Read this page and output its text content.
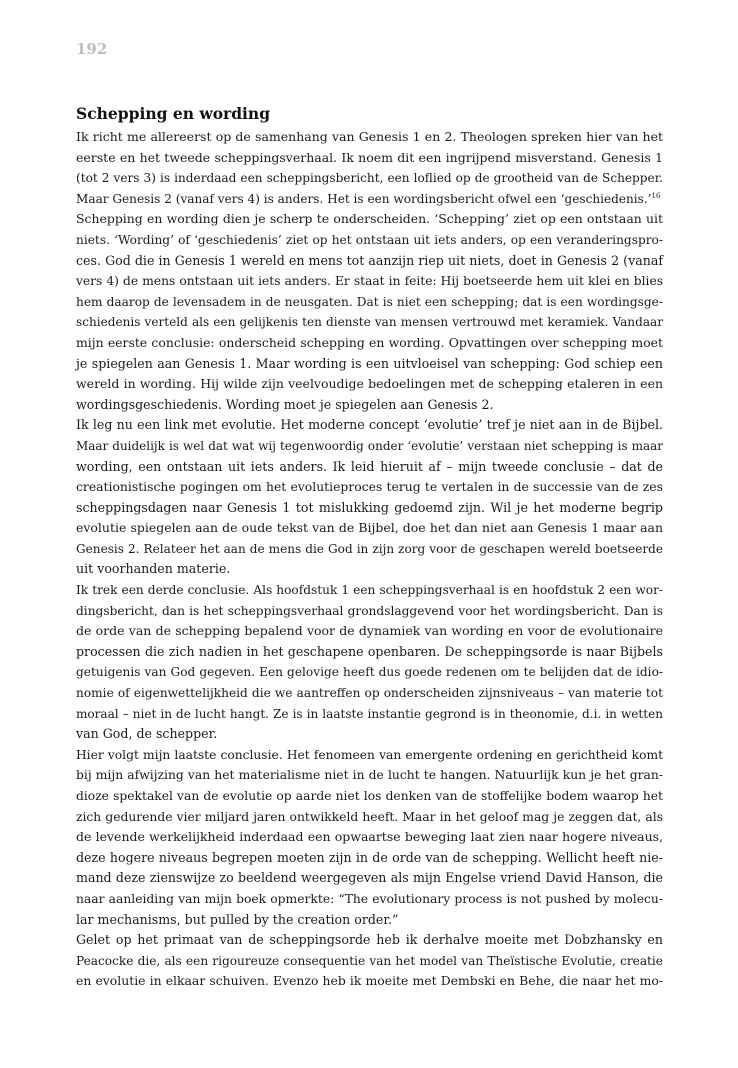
192
Schepping en wording
Ik richt me allereerst op de samenhang van Genesis 1 en 2. Theologen spreken hier van het
eerste en het tweede scheppingsverhaal. Ik noem dit een ingrijpend misverstand. Genesis 1
(tot 2 vers 3) is inderdaad een scheppingsbericht, een loflied op de grootheid van de Schepper.
Maar Genesis 2 (vanaf vers 4) is anders. Het is een wordingsbericht ofwel een ‘geschiedenis.’$^{16}$
Schepping en wording dien je scherp te onderscheiden. ‘Schepping’ ziet op een ontstaan uit
niets. ‘Wording’ of ‘geschiedenis’ ziet op het ontstaan uit iets anders, op een veranderingspro-
ces. God die in Genesis 1 wereld en mens tot aanzijn riep uit niets, doet in Genesis 2 (vanaf
vers 4) de mens ontstaan uit iets anders. Er staat in feite: Hij boetseerde hem uit klei en blies
hem daarop de levensadem in de neusgaten. Dat is niet een schepping; dat is een wordingsge-
schiedenis verteld als een gelijkenis ten dienste van mensen vertrouwd met keramiek. Vandaar
mijn eerste conclusie: onderscheid schepping en wording. Opvattingen over schepping moet
je spiegelen aan Genesis 1. Maar wording is een uitvloeisel van schepping: God schiep een
wereld in wording. Hij wilde zijn veelvoudige bedoelingen met de schepping etaleren in een
wordingsgeschiedenis. Wording moet je spiegelen aan Genesis 2.
Ik leg nu een link met evolutie. Het moderne concept ‘evolutie’ tref je niet aan in de Bijbel.
Maar duidelijk is wel dat wat wij tegenwoordig onder ‘evolutie’ verstaan niet schepping is maar
wording, een ontstaan uit iets anders. Ik leid hieruit af – mijn tweede conclusie – dat de
creationistische pogingen om het evolutieproces terug te vertalen in de successie van de zes
scheppingsdagen naar Genesis 1 tot mislukking gedoemd zijn. Wil je het moderne begrip
evolutie spiegelen aan de oude tekst van de Bijbel, doe het dan niet aan Genesis 1 maar aan
Genesis 2. Relateer het aan de mens die God in zijn zorg voor de geschapen wereld boetseerde
uit voorhanden materie.
Ik trek een derde conclusie. Als hoofdstuk 1 een scheppingsverhaal is en hoofdstuk 2 een wor-
dingsbericht, dan is het scheppingsverhaal grondslaggevend voor het wordingsbericht. Dan is
de orde van de schepping bepalend voor de dynamiek van wording en voor de evolutionaire
processen die zich nadien in het geschapene openbaren. De scheppingsorde is naar Bijbels
getuigenis van God gegeven. Een gelovige heeft dus goede redenen om te belijden dat de idio-
nomie of eigenwettelijkheid die we aantreffen op onderscheiden zijnsniveaus – van materie tot
moraal – niet in de lucht hangt. Ze is in laatste instantie gegrond is in theonomie, d.i. in wetten
van God, de schepper.
Hier volgt mijn laatste conclusie. Het fenomeen van emergente ordening en gerichtheid komt
bij mijn afwijzing van het materialisme niet in de lucht te hangen. Natuurlijk kun je het gran-
dioze spektakel van de evolutie op aarde niet los denken van de stoffelijke bodem waarop het
zich gedurende vier miljard jaren ontwikkeld heeft. Maar in het geloof mag je zeggen dat, als
de levende werkelijkheid inderdaad een opwaartse beweging laat zien naar hogere niveaus,
deze hogere niveaus begrepen moeten zijn in de orde van de schepping. Wellicht heeft nie-
mand deze zienswijze zo beeldend weergegeven als mijn Engelse vriend David Hanson, die
naar aanleiding van mijn boek opmerkte: “The evolutionary process is not pushed by molecu-
lar mechanisms, but pulled by the creation order.”
Gelet op het primaat van de scheppingsorde heb ik derhalve moeite met Dobzhansky en
Peacocke die, als een rigoureuze consequentie van het model van Theïstische Evolutie, creatie
en evolutie in elkaar schuiven. Evenzo heb ik moeite met Dembski en Behe, die naar het mo-
